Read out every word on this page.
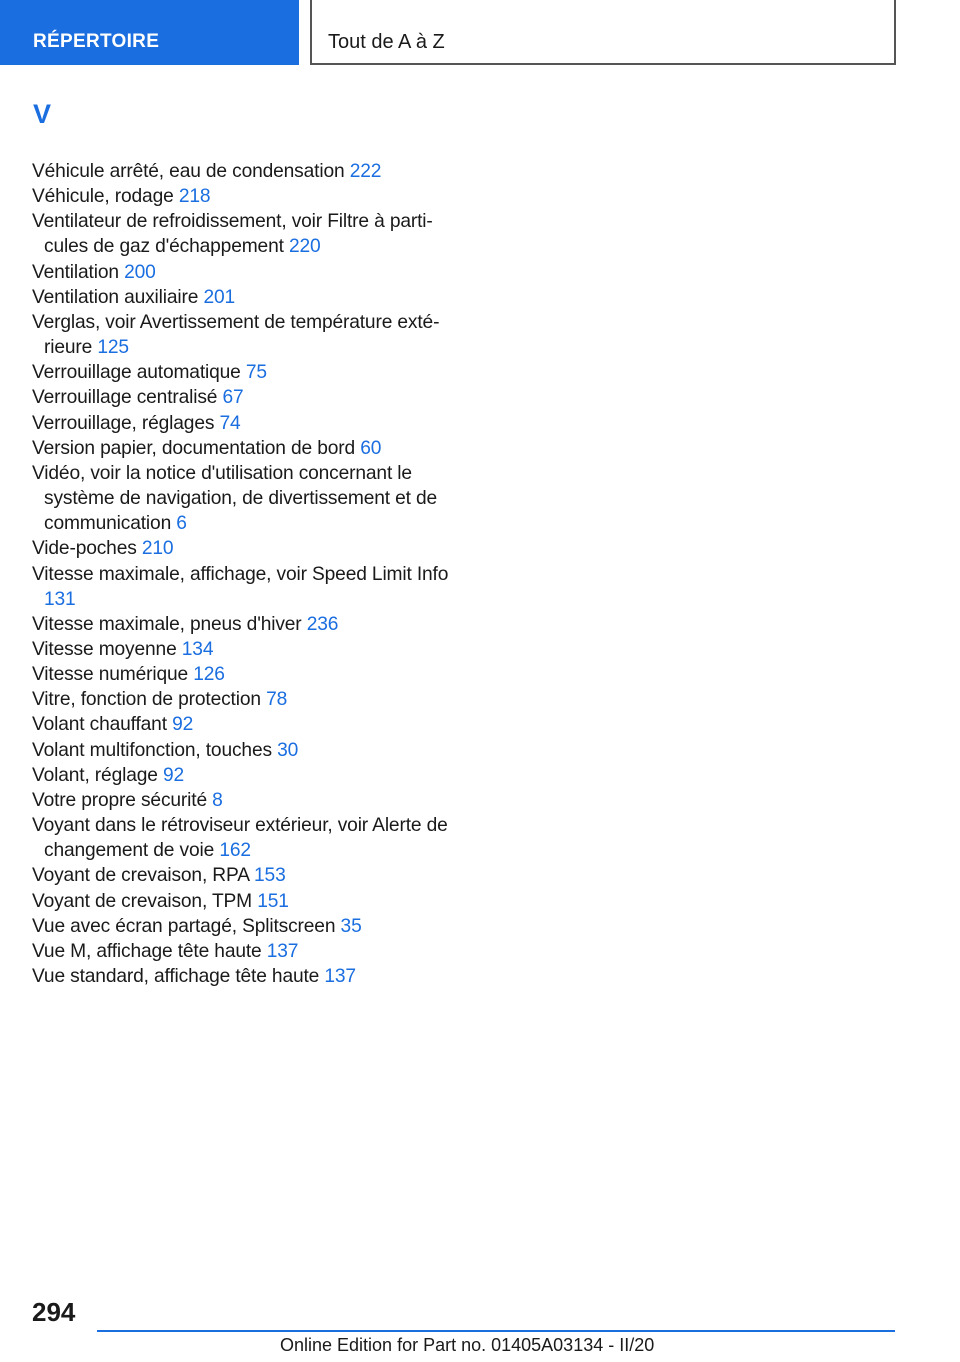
RÉPERTOIRE	Tout de A à Z
V
Véhicule arrêté, eau de condensation 222
Véhicule, rodage 218
Ventilateur de refroidissement, voir Filtre à parti-cules de gaz d'échappement 220
Ventilation 200
Ventilation auxiliaire 201
Verglas, voir Avertissement de température exté-rieure 125
Verrouillage automatique 75
Verrouillage centralisé 67
Verrouillage, réglages 74
Version papier, documentation de bord 60
Vidéo, voir la notice d'utilisation concernant le système de navigation, de divertissement et de communication 6
Vide-poches 210
Vitesse maximale, affichage, voir Speed Limit Info 131
Vitesse maximale, pneus d'hiver 236
Vitesse moyenne 134
Vitesse numérique 126
Vitre, fonction de protection 78
Volant chauffant 92
Volant multifonction, touches 30
Volant, réglage 92
Votre propre sécurité 8
Voyant dans le rétroviseur extérieur, voir Alerte de changement de voie 162
Voyant de crevaison, RPA 153
Voyant de crevaison, TPM 151
Vue avec écran partagé, Splitscreen 35
Vue M, affichage tête haute 137
Vue standard, affichage tête haute 137
294
Online Edition for Part no. 01405A03134 - II/20
